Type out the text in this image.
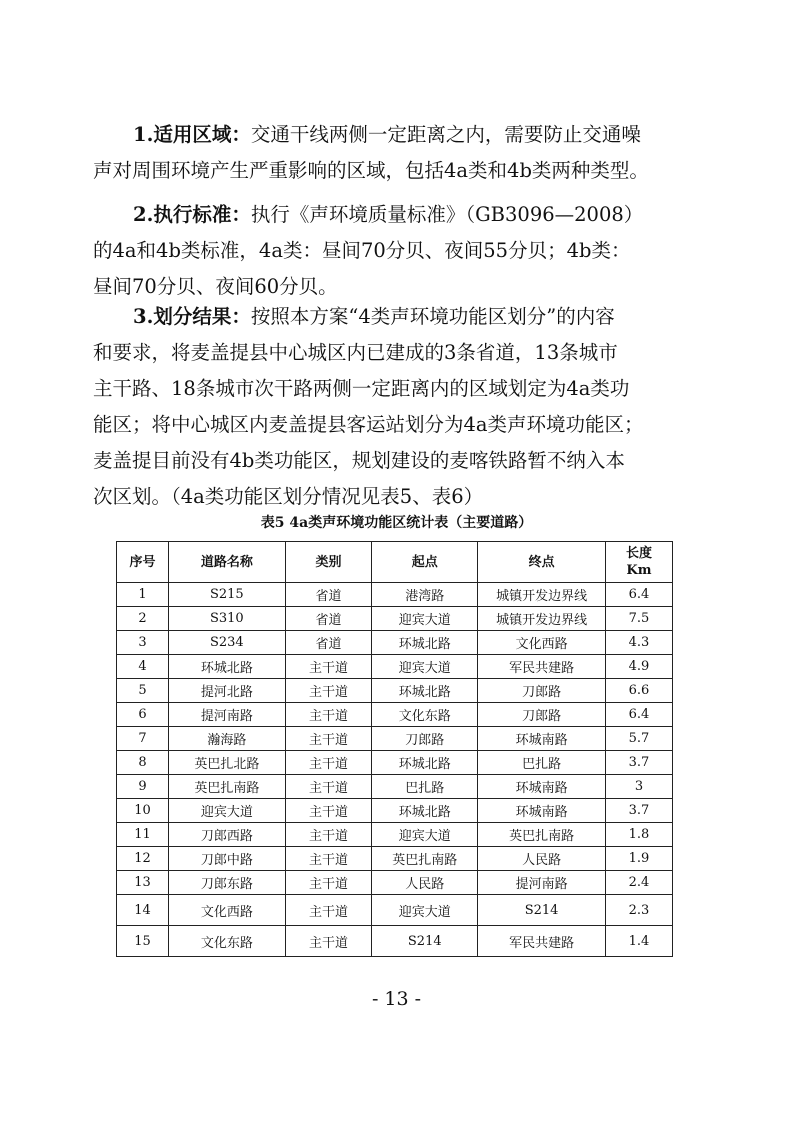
1.适用区域：交通干线两侧一定距离之内，需要防止交通噪
声对周围环境产生严重影响的区域，包括4a类和4b类两种类型。
2.执行标准：执行《声环境质量标准》（GB3096—2008）
的4a和4b类标准，4a类：昼间70分贝、夜间55分贝；4b类：
昼间70分贝、夜间60分贝。
3.划分结果：按照本方案“4类声环境功能区划分”的内容
和要求，将麦盖提县中心城区内已建成的3条省道，13条城市
主干路、18条城市次干路两侧一定距离内的区域划定为4a类功
能区；将中心城区内麦盖提县客运站划分为4a类声环境功能区；
麦盖提目前没有4b类功能区，规划建设的麦喀铁路暂不纳入本
次区划。（4a类功能区划分情况见表5、表6）
表5 4a类声环境功能区统计表（主要道路）
序号	道路名称	类别	起点	终点	长度
Km
1	S215	省道	港湾路	城镇开发边界线	6.4
2	S310	省道	迎宾大道	城镇开发边界线	7.5
3	S234	省道	环城北路	文化西路	4.3
4	环城北路	主干道	迎宾大道	军民共建路	4.9
5	提河北路	主干道	环城北路	刀郎路	6.6
6	提河南路	主干道	文化东路	刀郎路	6.4
7	瀚海路	主干道	刀郎路	环城南路	5.7
8	英巴扎北路	主干道	环城北路	巴扎路	3.7
9	英巴扎南路	主干道	巴扎路	环城南路	3
10	迎宾大道	主干道	环城北路	环城南路	3.7
11	刀郎西路	主干道	迎宾大道	英巴扎南路	1.8
12	刀郎中路	主干道	英巴扎南路	人民路	1.9
13	刀郎东路	主干道	人民路	提河南路	2.4
14	文化西路	主干道	迎宾大道	S214	2.3
15	文化东路	主干道	S214	军民共建路	1.4
- 13 -
